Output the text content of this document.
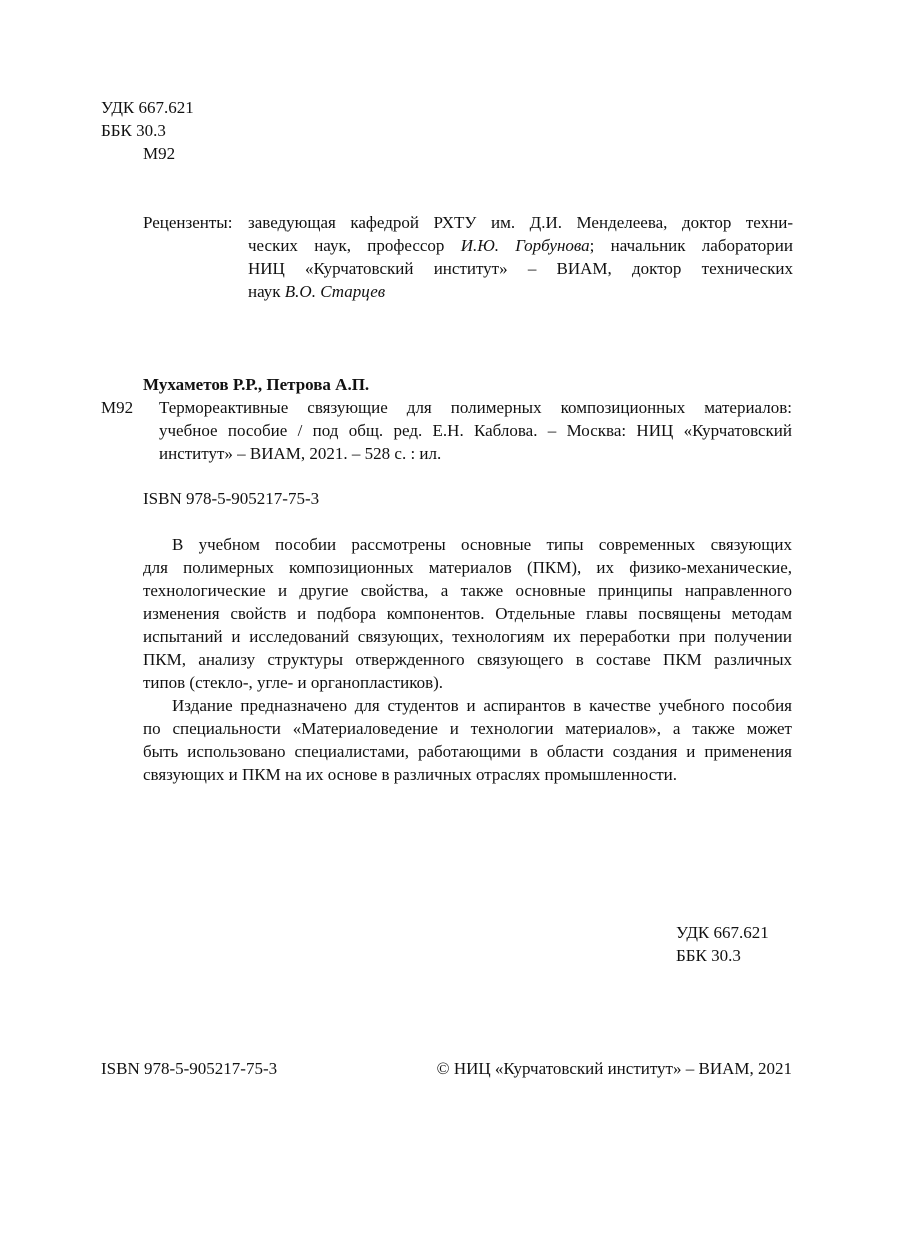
УДК 667.621
ББК 30.3
М92
Рецензенты: заведующая кафедрой РХТУ им. Д.И. Менделеева, доктор техни-
ческих наук, профессор И.Ю. Горбунова; начальник лаборатории
НИЦ «Курчатовский институт» – ВИАМ, доктор технических
наук В.О. Старцев
Мухаметов Р.Р., Петрова А.П.
М92 Термореактивные связующие для полимерных композиционных материалов:
учебное пособие / под общ. ред. Е.Н. Каблова. – Москва: НИЦ «Курчатовский
институт» – ВИАМ, 2021. – 528 с. : ил.
ISBN 978-5-905217-75-3
В учебном пособии рассмотрены основные типы современных связующих
для полимерных композиционных материалов (ПКМ), их физико-механические,
технологические и другие свойства, а также основные принципы направленного
изменения свойств и подбора компонентов. Отдельные главы посвящены методам
испытаний и исследований связующих, технологиям их переработки при получении
ПКМ, анализу структуры отвержденного связующего в составе ПКМ различных
типов (стекло-, угле- и органопластиков).
Издание предназначено для студентов и аспирантов в качестве учебного пособия
по специальности «Материаловедение и технологии материалов», а также может
быть использовано специалистами, работающими в области создания и применения
связующих и ПКМ на их основе в различных отраслях промышленности.
УДК 667.621
ББК 30.3
ISBN 978-5-905217-75-3	© НИЦ «Курчатовский институт» – ВИАМ, 2021
